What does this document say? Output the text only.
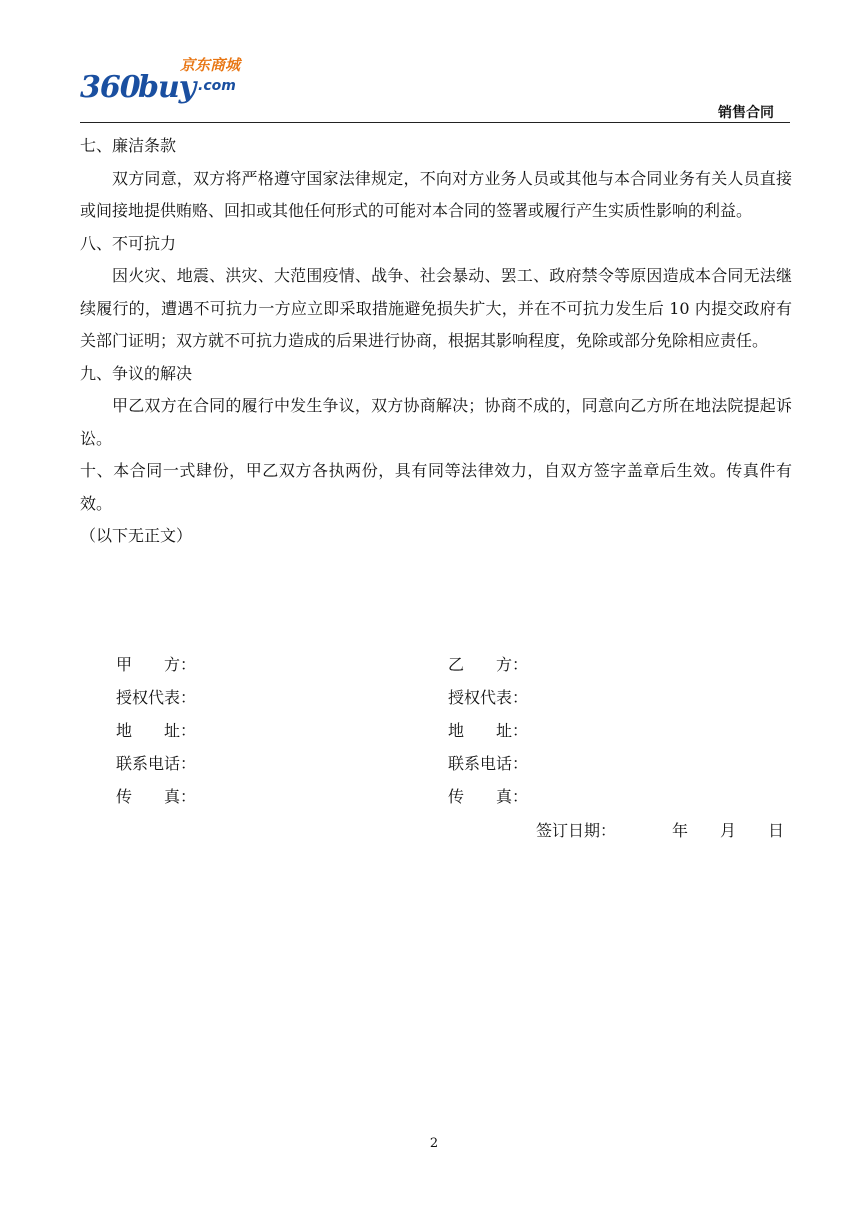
360
buy
京东商城
.com
销售合同

七、廉洁条款

双方同意，双方将严格遵守国家法律规定，不向对方业务人员或其他与本合同业务有关人员直接或间接地提供贿赂、回扣或其他任何形式的可能对本合同的签署或履行产生实质性影响的利益。

八、不可抗力

因火灾、地震、洪灾、大范围疫情、战争、社会暴动、罢工、政府禁令等原因造成本合同无法继续履行的，遭遇不可抗力一方应立即采取措施避免损失扩大，并在不可抗力发生后 10 内提交政府有关部门证明；双方就不可抗力造成的后果进行协商，根据其影响程度，免除或部分免除相应责任。

九、争议的解决

甲乙双方在合同的履行中发生争议，双方协商解决；协商不成的，同意向乙方所在地法院提起诉讼。

十、本合同一式肆份，甲乙双方各执两份，具有同等法律效力，自双方签字盖章后生效。传真件有效。

（以下无正文）

甲　　方：	乙　　方：
授权代表：	授权代表：
地　　址：	地　　址：
联系电话：	联系电话：
传　　真：	传　　真：
签订日期：　　　　年　　月　　日
2
